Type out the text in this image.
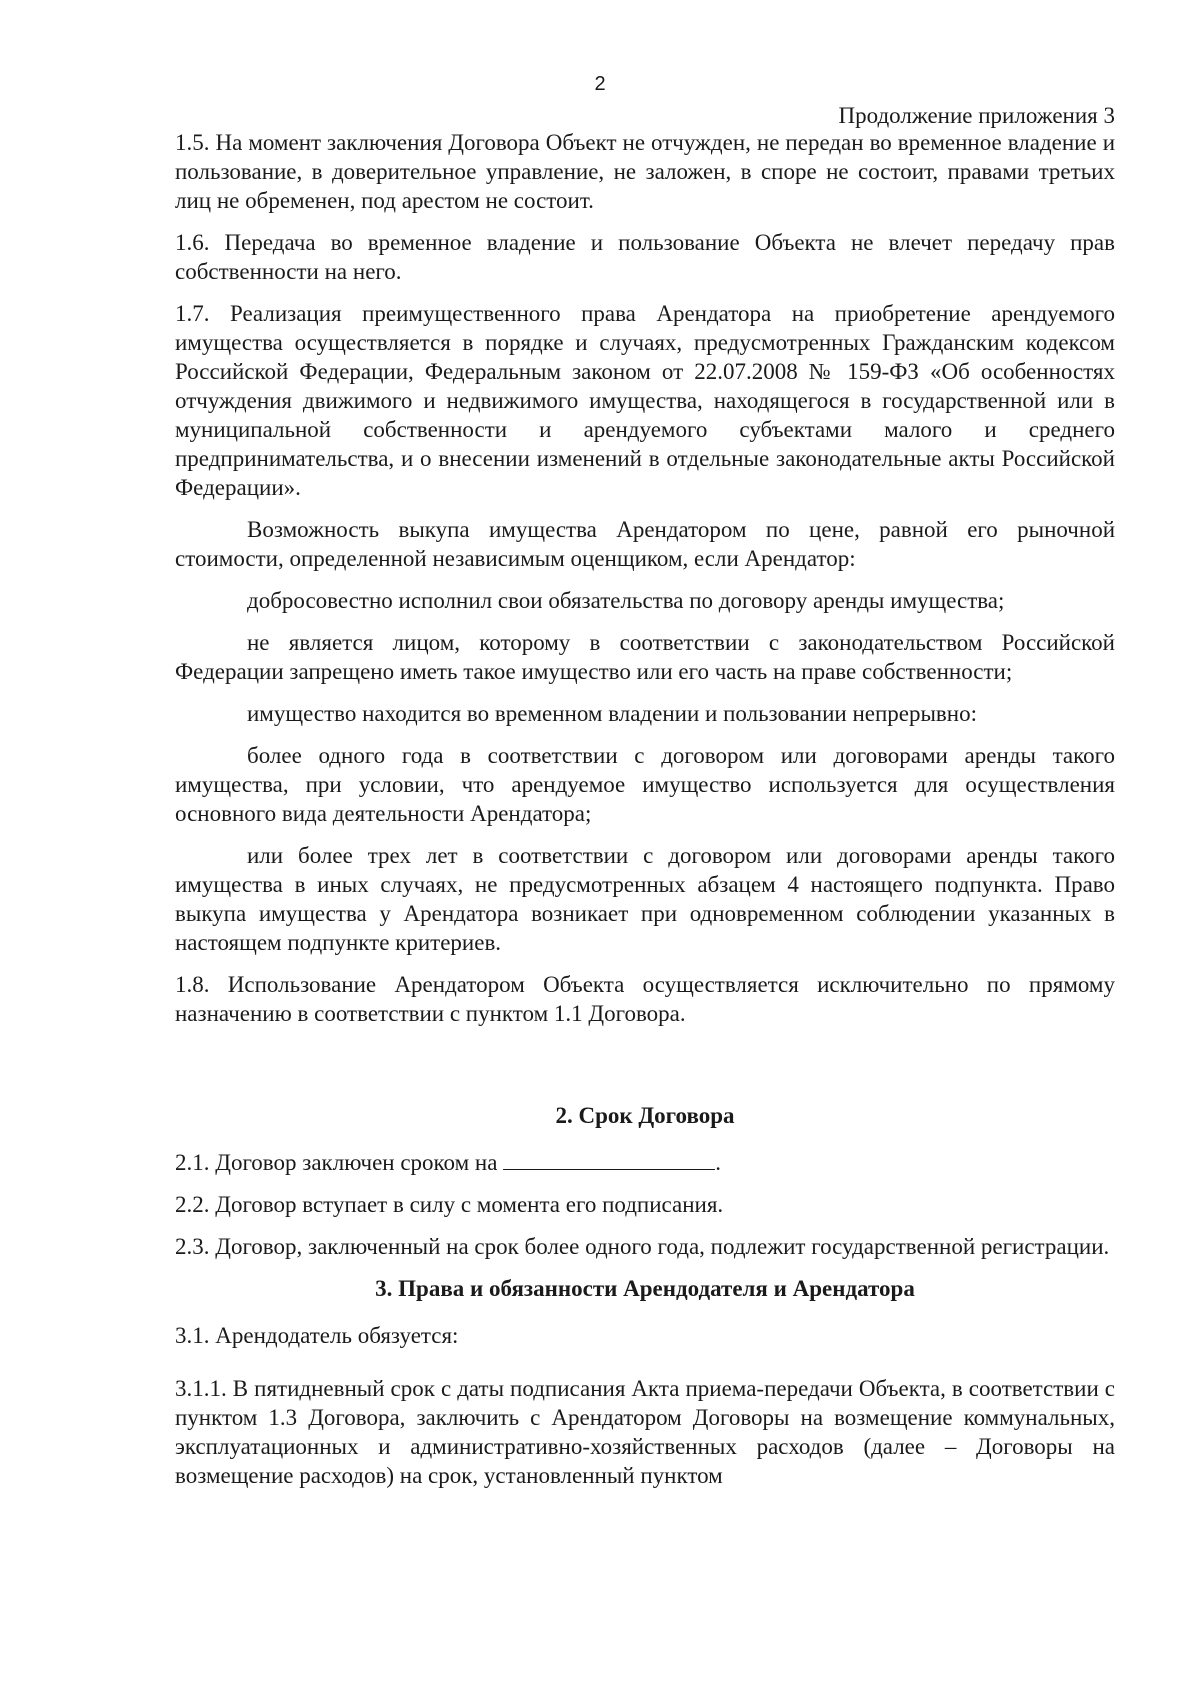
2
Продолжение приложения 3

1.5. На момент заключения Договора Объект не отчужден, не передан во временное владение и пользование, в доверительное управление, не заложен, в споре не состоит, правами третьих лиц не обременен, под арестом не состоит.

1.6. Передача во временное владение и пользование Объекта не влечет передачу прав собственности на него.

1.7. Реализация преимущественного права Арендатора на приобретение арендуемого имущества осуществляется в порядке и случаях, предусмотренных Гражданским кодексом Российской Федерации, Федеральным законом от 22.07.2008 № 159-ФЗ «Об особенностях отчуждения движимого и недвижимого имущества, находящегося в государственной или в муниципальной собственности и арендуемого субъектами малого и среднего предпринимательства, и о внесении изменений в отдельные законодательные акты Российской Федерации».

Возможность выкупа имущества Арендатором по цене, равной его рыночной стоимости, определенной независимым оценщиком, если Арендатор:

добросовестно исполнил свои обязательства по договору аренды имущества;

не является лицом, которому в соответствии с законодательством Российской Федерации запрещено иметь такое имущество или его часть на праве собственности;

имущество находится во временном владении и пользовании непрерывно:

более одного года в соответствии с договором или договорами аренды такого имущества, при условии, что арендуемое имущество используется для осуществления основного вида деятельности Арендатора;

или более трех лет в соответствии с договором или договорами аренды такого имущества в иных случаях, не предусмотренных абзацем 4 настоящего подпункта. Право выкупа имущества у Арендатора возникает при одновременном соблюдении указанных в настоящем подпункте критериев.

1.8. Использование Арендатором Объекта осуществляется исключительно по прямому назначению в соответствии с пунктом 1.1 Договора.

2. Срок Договора

2.1. Договор заключен сроком на	.

2.2. Договор вступает в силу с момента его подписания.

2.3. Договор, заключенный на срок более одного года, подлежит государственной регистрации.

3. Права и обязанности Арендодателя и Арендатора

3.1. Арендодатель обязуется:

3.1.1. В пятидневный срок с даты подписания Акта приема-передачи Объекта, в соответствии с пунктом 1.3 Договора, заключить с Арендатором Договоры на возмещение коммунальных, эксплуатационных и административно-хозяйственных расходов (далее – Договоры на возмещение расходов) на срок, установленный пунктом
